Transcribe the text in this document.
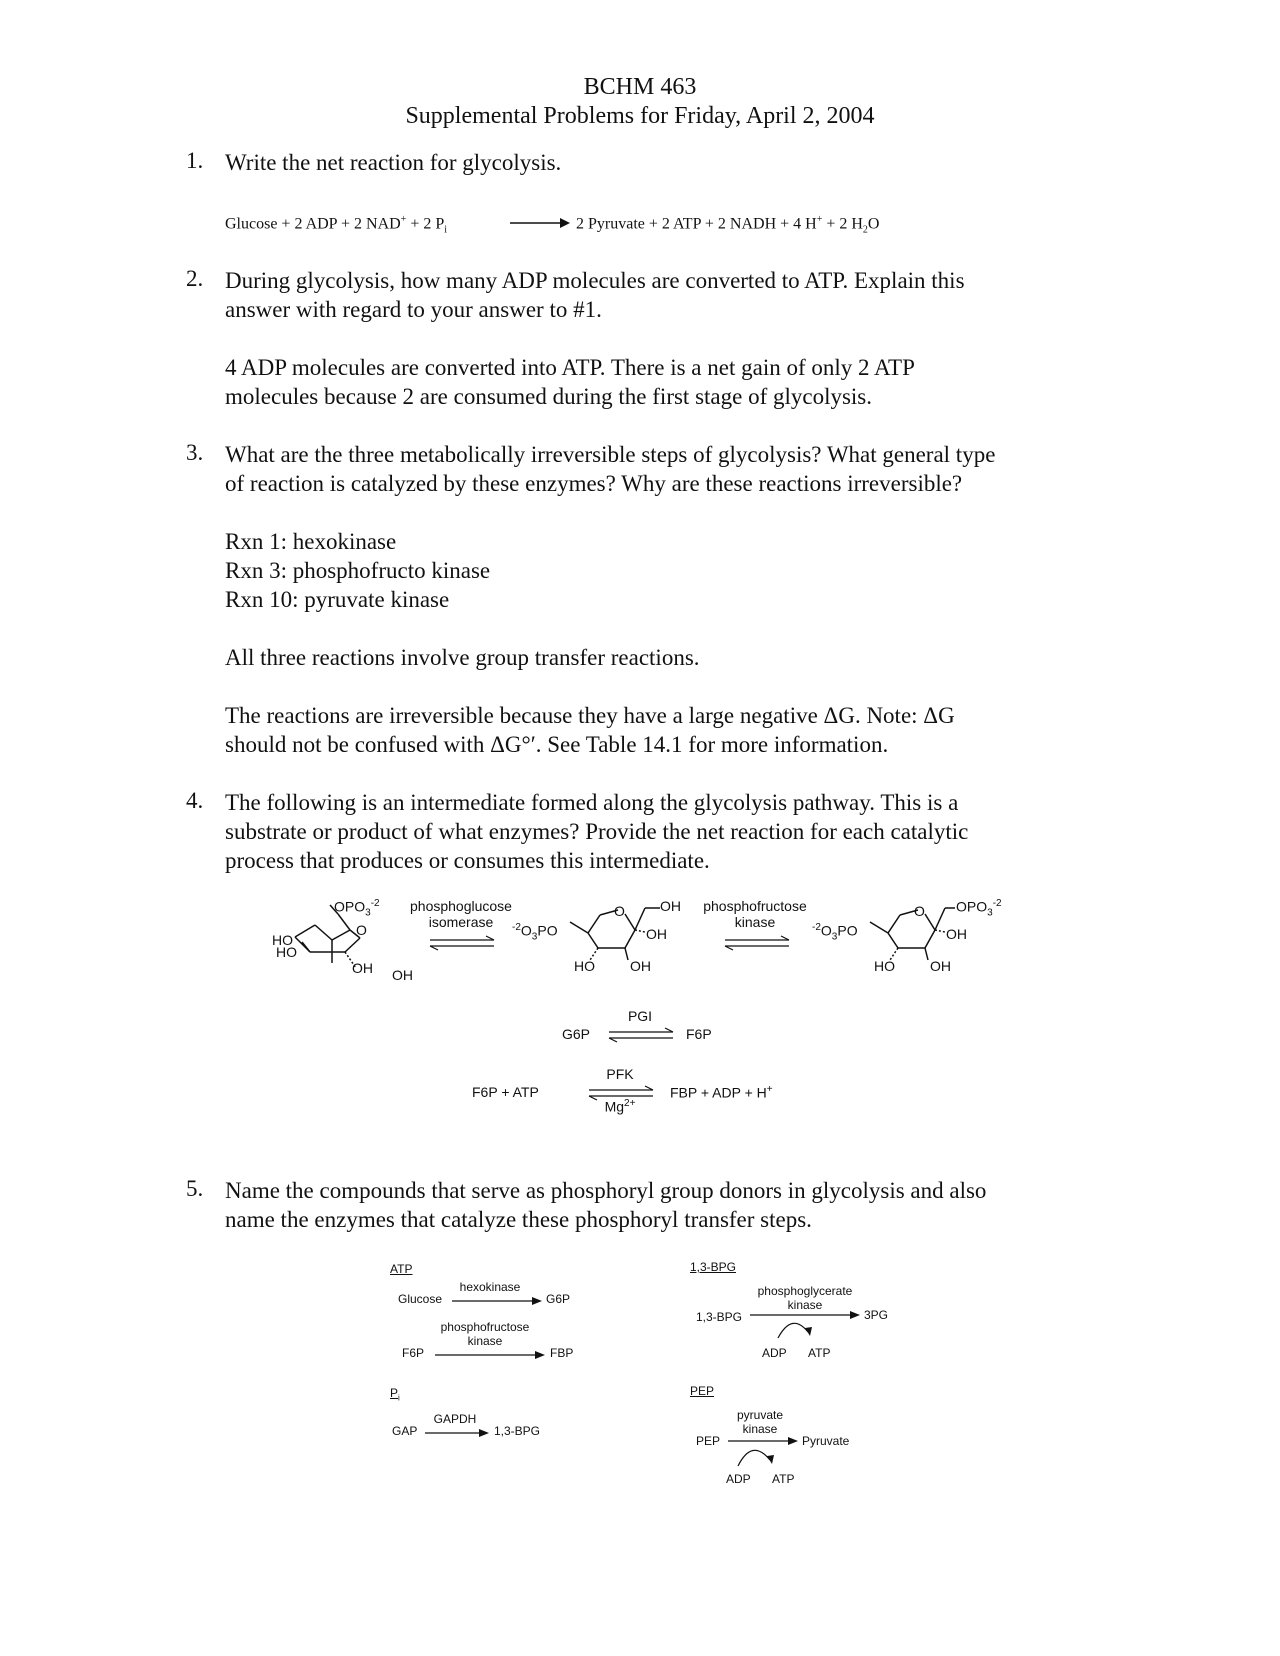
BCHM 463
Supplemental Problems for Friday, April 2, 2004
1. Write the net reaction for glycolysis.
Glucose + 2 ADP + 2 NAD+ + 2 $P_i$	2 Pyruvate + 2 ATP + 2 NADH + 4 H+ + 2 $H_2O$
2. During glycolysis, how many ADP molecules are converted to ATP. Explain this
answer with regard to your answer to #1.
4 ADP molecules are converted into ATP. There is a net gain of only 2 ATP
molecules because 2 are consumed during the first stage of glycolysis.
3. What are the three metabolically irreversible steps of glycolysis? What general type
of reaction is catalyzed by these enzymes? Why are these reactions irreversible?
Rxn 1: hexokinase
Rxn 3: phosphofructo kinase
Rxn 10: pyruvate kinase
All three reactions involve group transfer reactions.
The reactions are irreversible because they have a large negative ΔG. Note: ΔG
should not be confused with ΔG°′. See Table 14.1 for more information.
4. The following is an intermediate formed along the glycolysis pathway. This is a
substrate or product of what enzymes? Provide the net reaction for each catalytic
process that produces or consumes this intermediate.
$OPO_3^{-2}$
O
HO
HO
OH OH
phosphoglucose
isomerase
O	OH
$^{-2}O_3PO$	OH
HO	OH
phosphofructose
kinase
O $OPO_3^{-2}$
$^{-2}O_3PO$	OH
HO	OH
PGI
G6P	F6P
PFK
F6P + ATP
$Mg^{2+}$
FBP + ADP + H+
5. Name the compounds that serve as phosphoryl group donors in glycolysis and also
name the enzymes that catalyze these phosphoryl transfer steps.
ATP
Glucose
hexokinase
G6P
phosphofructose
kinase
F6P	FBP
$P_i$
GAPDH
GAP	1,3-BPG
1,3-BPG
phosphoglycerate
kinase
1,3-BPG	3PG
ADP ATP
PEP
pyruvate
kinase
PEP	Pyruvate
ADP ATP
